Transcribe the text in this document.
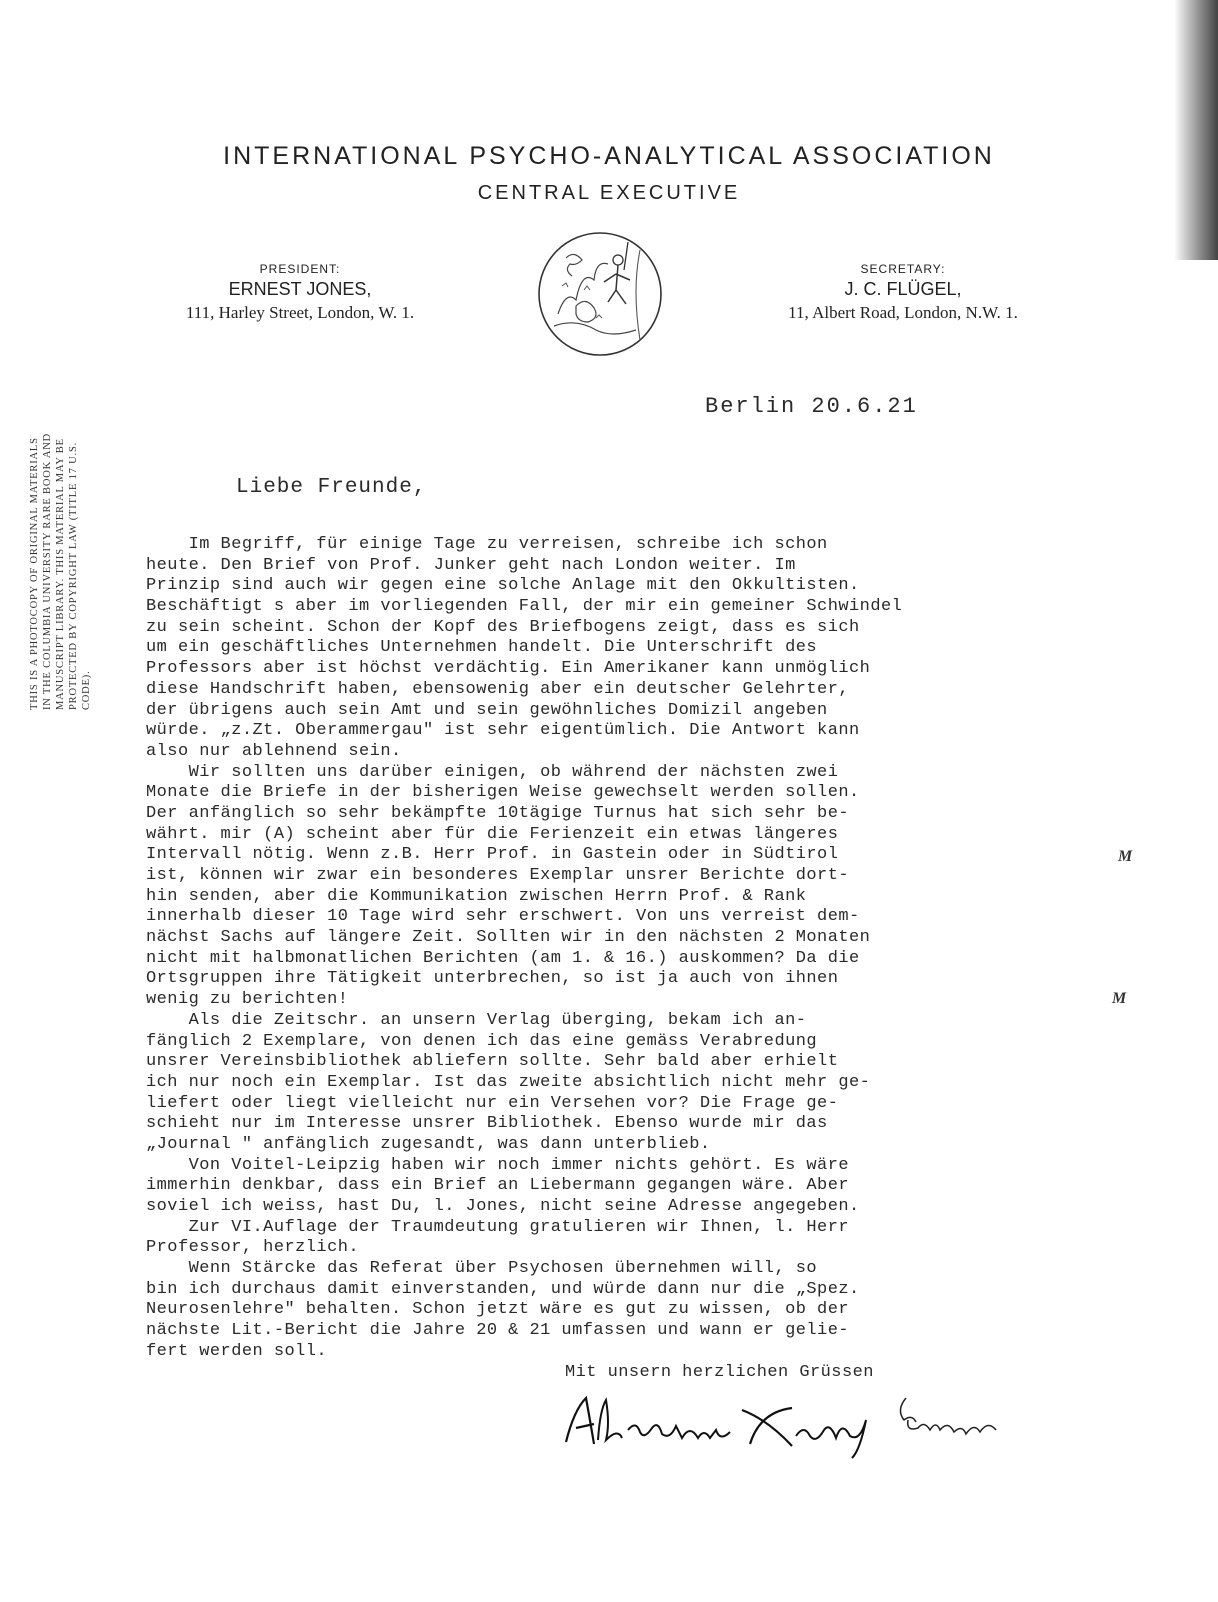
INTERNATIONAL PSYCHO-ANALYTICAL ASSOCIATION
CENTRAL EXECUTIVE
PRESIDENT:
ERNEST JONES,
111, Harley Street, London, W. 1.
SECRETARY:
J. C. FLÜGEL,
11, Albert Road, London, N.W. 1.
THIS IS A PHOTOCOPY OF ORIGINAL MATERIALS IN THE COLUMBIA UNIVERSITY RARE BOOK AND MANUSCRIPT LIBRARY. THIS MATERIAL MAY BE PROTECTED BY COPYRIGHT LAW (TITLE 17 U.S. CODE).
Berlin 20.6.21
Liebe Freunde,
Im Begriff, für einige Tage zu verreisen, schreibe ich schon
heute. Den Brief von Prof. Junker geht nach London weiter. Im
Prinzip sind auch wir gegen eine solche Anlage mit den Okkultisten.
Beschäftigt s aber im vorliegenden Fall, der mir ein gemeiner Schwindel
zu sein scheint. Schon der Kopf des Briefbogens zeigt, dass es sich
um ein geschäftliches Unternehmen handelt. Die Unterschrift des
Professors aber ist höchst verdächtig. Ein Amerikaner kann unmöglich
diese Handschrift haben, ebensowenig aber ein deutscher Gelehrter,
der übrigens auch sein Amt und sein gewöhnliches Domizil angeben
würde. „z.Zt. Oberammergau" ist sehr eigentümlich. Die Antwort kann
also nur ablehnend sein.
Wir sollten uns darüber einigen, ob während der nächsten zwei
Monate die Briefe in der bisherigen Weise gewechselt werden sollen.
Der anfänglich so sehr bekämpfte 10tägige Turnus hat sich sehr be-
währt. mir (A) scheint aber für die Ferienzeit ein etwas längeres
Intervall nötig. Wenn z.B. Herr Prof. in Gastein oder in Südtirol
ist, können wir zwar ein besonderes Exemplar unsrer Berichte dort-
hin senden, aber die Kommunikation zwischen Herrn Prof. & Rank
innerhalb dieser 10 Tage wird sehr erschwert. Von uns verreist dem-
nächst Sachs auf längere Zeit. Sollten wir in den nächsten 2 Monaten
nicht mit halbmonatlichen Berichten (am 1. & 16.) auskommen? Da die
Ortsgruppen ihre Tätigkeit unterbrechen, so ist ja auch von ihnen
wenig zu berichten!
Als die Zeitschr. an unsern Verlag überging, bekam ich an-
fänglich 2 Exemplare, von denen ich das eine gemäss Verabredung
unsrer Vereinsbibliothek abliefern sollte. Sehr bald aber erhielt
ich nur noch ein Exemplar. Ist das zweite absichtlich nicht mehr ge-
liefert oder liegt vielleicht nur ein Versehen vor? Die Frage ge-
schieht nur im Interesse unsrer Bibliothek. Ebenso wurde mir das
„Journal " anfänglich zugesandt, was dann unterblieb.
Von Voitel-Leipzig haben wir noch immer nichts gehört. Es wäre
immerhin denkbar, dass ein Brief an Liebermann gegangen wäre. Aber
soviel ich weiss, hast Du, l. Jones, nicht seine Adresse angegeben.
Zur VI.Auflage der Traumdeutung gratulieren wir Ihnen, l. Herr
Professor, herzlich.
Wenn Stärcke das Referat über Psychosen übernehmen will, so
bin ich durchaus damit einverstanden, und würde dann nur die „Spez.
Neurosenlehre" behalten. Schon jetzt wäre es gut zu wissen, ob der
nächste Lit.-Bericht die Jahre 20 & 21 umfassen und wann er gelie-
fert werden soll.
M
M
Mit unsern herzlichen Grüssen
Eitingon
